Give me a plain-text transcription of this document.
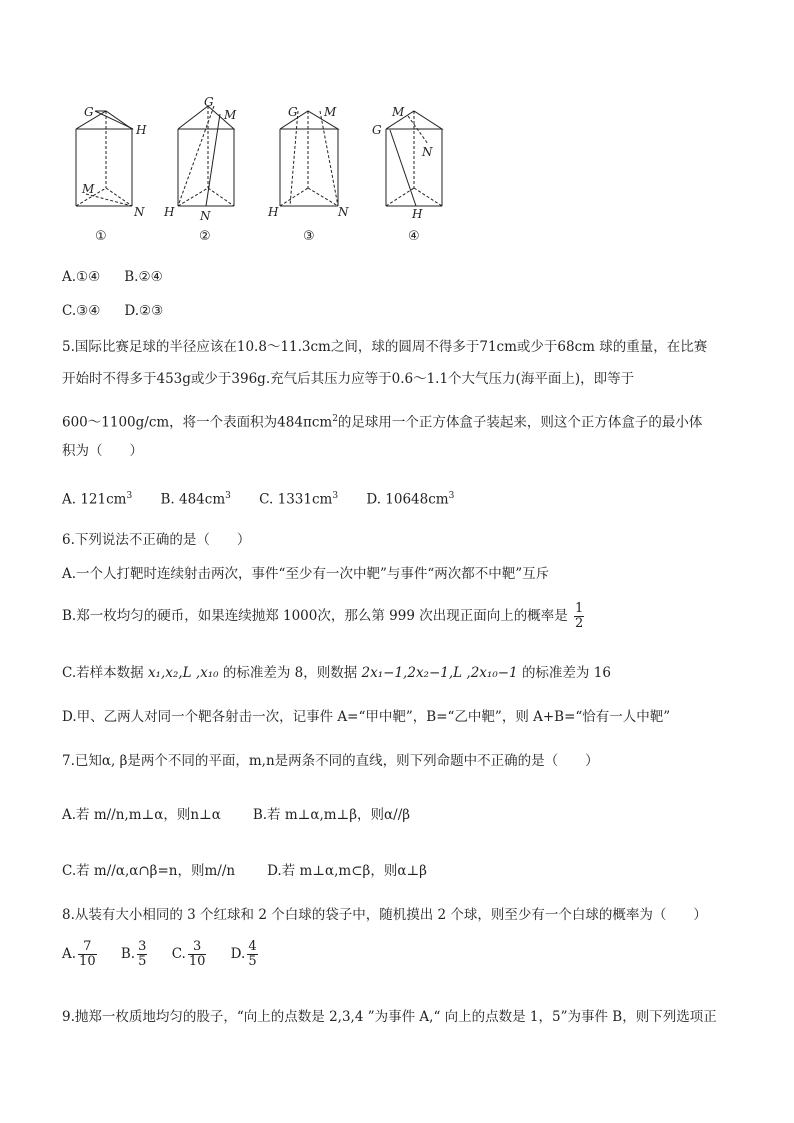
G
H
M
N
①
G
M
H N
②
G M
H	N
③
M
G
N
H
④
A.①④ B.②④
C.③④ D.②③
5.国际比赛足球的半径应该在10.8～11.3cm之间，球的圆周不得多于71cm或少于68cm 球的重量，在比赛
开始时不得多于453g或少于396g.充气后其压力应等于0.6～1.1个大气压力(海平面上)，即等于
600～1100g/cm，将一个表面积为484πcm$^2$的足球用一个正方体盒子装起来，则这个正方体盒子的最小体
积为（　　）
A. $121cm^3$ B. $484cm^3$ C. $1331cm^3$ D. $10648cm^3$
6.下列说法不正确的是（　　）
A.一个人打靶时连续射击两次，事件“至少有一次中靶”与事件“两次都不中靶”互斥
B.郑一枚均匀的硬币，如果连续抛郑 1000次，那么第 999 次出现正面向上的概率是 $\frac{1}{2}$
C.若样本数据 x₁,x₂,L ,x₁₀ 的标准差为 8，则数据 2x₁−1,2x₂−1,L ,2x₁₀−1 的标准差为 16
D.甲、乙两人对同一个靶各射击一次，记事件 A=“甲中靶”，B=“乙中靶”，则 A+B=“恰有一人中靶”
7.已知α, β是两个不同的平面，m,n是两条不同的直线，则下列命题中不正确的是（　　）
A.若 m//n,m⊥α，则n⊥α B.若 m⊥α,m⊥β，则α//β
C.若 m//α,α∩β=n，则m//n D.若 m⊥α,m⊂β，则α⊥β
8.从装有大小相同的 3 个红球和 2 个白球的袋子中，随机摸出 2 个球，则至少有一个白球的概率为（　　）
A. $\frac{7}{10} B$. $\frac{3}{5} C$. $\frac{3}{10} D$. $\frac{4}{5}$
9.抛郑一枚质地均匀的股子，“向上的点数是 2,3,4 ”为事件 A,“ 向上的点数是 1，5”为事件 B，则下列选项正
